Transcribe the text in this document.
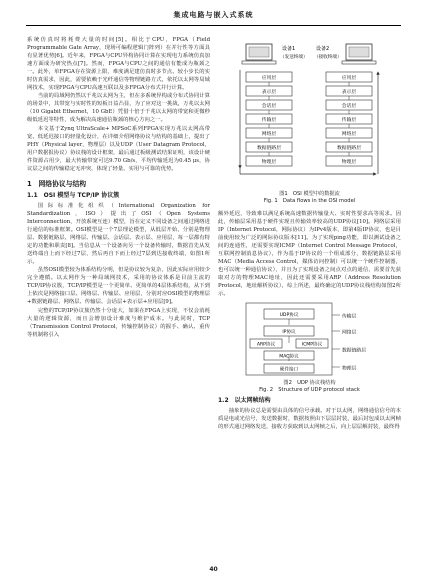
集成电路与嵌入式系统

系统仿真时将耗费大量的时间[5]。相比于CPU，FPGA（Field Programmable Gate Array，现场可编程逻辑门阵列）在并行性等方面具有显著优势[6]。近年来，FPGA与CPU异构协同计算在实现电力系统仿真加速方面成为研究热点[7]。然而，FPGA与CPU之间的通信有能成为瓶颈之一。此外，单FPGA存在资源上限，难度满足建仿真时多节点、较小步长的实时仿真需求，因此，需要依赖于光纤通信等物理链路方式，依托以太网等局域网技术，实现FPGA与CPU高速互联以及多FPGA分布式并行计算。

当前的局域网仍然以千兆以太网为主，但在多系统异构或分布式协同计算的场景中，其带宽与实时性的短板日益凸显，为了应对这一挑战，万兆以太网（10 Gigabit Ethernet，10 GbE）凭借十倍于千兆以太网的带宽和更微秒级低延迟等特性，成为解决高速通信瓶颈的核心方向之一。

本文基于Zynq UltraScale+ MPSoC系列FPGA实现万兆以太网高带宽、低延迟接口的轻量化设计，在详细介绍网络协议与结构的基础上，提出了PHY（Physical layer，物理层）以及UDP（User Datagram Protocol，用户数据报协议）协议栈的设计框架，最后通过板级测试结果证明，该设计硬件资源占用少，最大传输带宽可达9.70 Gb/s，平均传输延迟为0.45 μs，协议层之间的传输稳定无冲突，体现了轻量、实用与可靠的优势。

1　网络协议与结构
1.1　OSI 模型与 TCP/IP 协议簇

国际标准化组织（International Organization for Standardization，ISO）提出了OSI（Open Systems Interconnection，开放系统互连）模型，旨在定义不同设备之间通过网络进行通信的标准框架。OSI模型是一个7层理论模型，从低层开始，分别是物理层、数据链路层、网络层、传输层、会话层、表示层、应用层，每一层都有特定的功能和职责[8]。当信息从一个设备向另一个设备传输时，数据首先从发送终端自上而下经过7层，然后再自下而上经过7层到达接收终端，如图1所示。

虽然OSI模型较为体系结构分明，但是协议较为复杂，因此实际应用较少完全遵循。以太网作为一种局域网技术，采用的协议体系是目前主流的TCP/IP协议簇，TCP/IP模型是一个更简单、更简单的4层体系结构，从下到上依次是网络接口层、网络层、传输层、应用层，分别对应OSI模型的物理层+数据链路层、网络层、传输层、会话层+表示层+应用层[9]。

完整的TCP/IP协议簇仍然十分庞大，如果在FPGA上实现，不仅会消耗大量的逻辑资源，而且会增加设计难度与维护成本。与此同时，TCP（Transmission Control Protocol，传输控制协议）的握手、确认、重传等机制将引入

设备1
（发送终端）
设备2
（接收终端）
应用层
表示层
会话层
传输层
网络层
数据链路层
物理层
应用层
表示层
会话层
传输层
网络层
数据链路层
物理层
图1　OSI 模型中的数据流
Fig. 1　Data flows in the OSI model

额外延迟，导致难以满足系统高速数据传输量大、实时性要求高等需求。因此，传输层采用基于硬件实现且传输效率较高的UDP协议[10]。网络层采用IP（Internet Protocol，网际协议）为IPv4版本，即第4版IP协议，也是目前使用较为广泛的网际协议版本[11]。为了实现ping功能，即以测试设备之间的连通性，还需要实现ICMP（Internet Control Message Protocol，互联网控制消息协议），作为基于IP协议的一个组成部分，数据链路层采用MAC（Media Access Control，媒体访问控制）可以统一个硬件控制器，也可以统一种通信协议），并且为了实现设备之间点对点的通信，需要首先获取对方的物理MAC地址，因此还需要采用ARP（Address Resolution Protocol，地址解析协议），综上所述，最终确定的UDP协议栈结构如图2所示。

UDP协议
IP协议
ARP协议	ICMP协议
MAC协议
硬件接口
传输层
网络层
数据链路层
物理层
图2　UDP 协议栈结构
Fig. 2　Structure of UDP protocol stack
1.2　以太网帧结构

抽象的协议总是需要由具体的信号承载。对于以太网，网络通信信号的本质是电或光信号，发送数据时，数据按照由下层层封装，最后封包成以太网帧的形式通过网络发送，接收方获取到以太网帧之后，向上层层解封装，最终得

40
